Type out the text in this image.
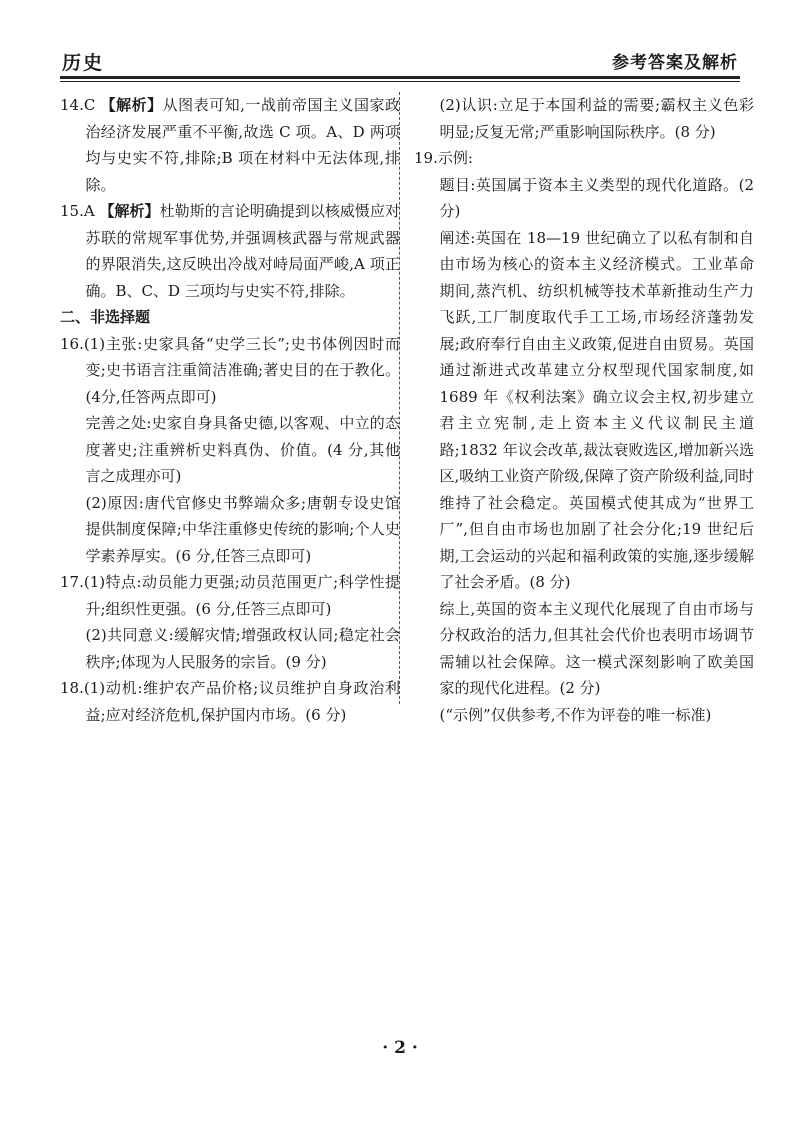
历史	参考答案及解析

14.C 【解析】从图表可知,一战前帝国主义国家政治经济发展严重不平衡,故选 C 项。A、D 两项均与史实不符,排除;B 项在材料中无法体现,排除。

15.A 【解析】杜勒斯的言论明确提到以核威慑应对苏联的常规军事优势,并强调核武器与常规武器的界限消失,这反映出冷战对峙局面严峻,A 项正确。B、C、D 三项均与史实不符,排除。

二、非选择题

16.(1)主张:史家具备“史学三长”;史书体例因时而变;史书语言注重简洁准确;著史目的在于教化。(4分,任答两点即可)

完善之处:史家自身具备史德,以客观、中立的态度著史;注重辨析史料真伪、价值。(4 分,其他言之成理亦可)

(2)原因:唐代官修史书弊端众多;唐朝专设史馆提供制度保障;中华注重修史传统的影响;个人史学素养厚实。(6 分,任答三点即可)

17.(1)特点:动员能力更强;动员范围更广;科学性提升;组织性更强。(6 分,任答三点即可)

(2)共同意义:缓解灾情;增强政权认同;稳定社会秩序;体现为人民服务的宗旨。(9 分)

18.(1)动机:维护农产品价格;议员维护自身政治利益;应对经济危机,保护国内市场。(6 分)

(2)认识:立足于本国利益的需要;霸权主义色彩明显;反复无常;严重影响国际秩序。(8 分)

19.示例:

题目:英国属于资本主义类型的现代化道路。(2 分)

阐述:英国在 18—19 世纪确立了以私有制和自由市场为核心的资本主义经济模式。工业革命期间,蒸汽机、纺织机械等技术革新推动生产力飞跃,工厂制度取代手工工场,市场经济蓬勃发展;政府奉行自由主义政策,促进自由贸易。英国通过渐进式改革建立分权型现代国家制度,如 1689 年《权利法案》确立议会主权,初步建立君主立宪制,走上资本主义代议制民主道路;1832 年议会改革,裁汰衰败选区,增加新兴选区,吸纳工业资产阶级,保障了资产阶级利益,同时维持了社会稳定。英国模式使其成为“世界工厂”,但自由市场也加剧了社会分化;19 世纪后期,工会运动的兴起和福利政策的实施,逐步缓解了社会矛盾。(8 分)

综上,英国的资本主义现代化展现了自由市场与分权政治的活力,但其社会代价也表明市场调节需辅以社会保障。这一模式深刻影响了欧美国家的现代化进程。(2 分)

(“示例”仅供参考,不作为评卷的唯一标准)

· 2 ·
